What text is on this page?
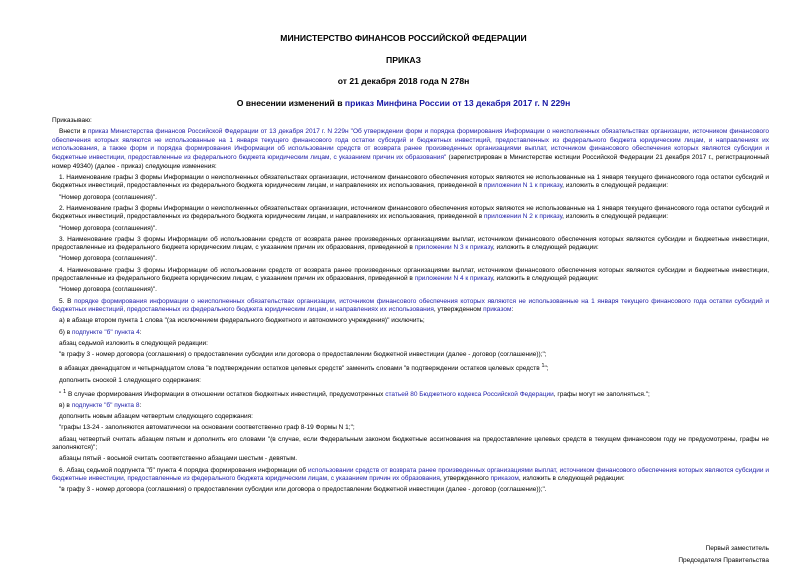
МИНИСТЕРСТВО ФИНАНСОВ РОССИЙСКОЙ ФЕДЕРАЦИИ
ПРИКАЗ
от 21 декабря 2018 года N 278н
О внесении изменений в приказ Минфина России от 13 декабря 2017 г. N 229н

Приказываю:

Внести в приказ Министерства финансов Российской Федерации от 13 декабря 2017 г. N 229н "Об утверждении форм и порядка формирования Информации о неисполненных обязательствах организации, источником финансового обеспечения которых являются не использованные на 1 января текущего финансового года остатки субсидий и бюджетных инвестиций, предоставленных из федерального бюджета юридическим лицам, и направлениях их использования, а также форм и порядка формирования Информации об использовании средств от возврата ранее произведенных организациями выплат, источником финансового обеспечения которых являются субсидии и бюджетные инвестиции, предоставленные из федерального бюджета юридическим лицам, с указанием причин их образования" (зарегистрирован в Министерстве юстиции Российской Федерации 21 декабря 2017 г., регистрационный номер 49340) (далее - приказ) следующие изменения:

1. Наименование графы 3 формы Информации о неисполненных обязательствах организации, источником финансового обеспечения которых являются не использованные на 1 января текущего финансового года остатки субсидий и бюджетных инвестиций, предоставленных из федерального бюджета юридическим лицам, и направлениях их использования, приведенной в приложении N 1 к приказу, изложить в следующей редакции:

"Номер договора (соглашения)".

2. Наименование графы 3 формы Информации о неисполненных обязательствах организации, источником финансового обеспечения которых являются не использованные на 1 января текущего финансового года остатки субсидий и бюджетных инвестиций, предоставленных из федерального бюджета юридическим лицам, и направлениях их использования, приведенной в приложении N 2 к приказу, изложить в следующей редакции:

"Номер договора (соглашения)".

3. Наименование графы 3 формы Информации об использовании средств от возврата ранее произведенных организациями выплат, источником финансового обеспечения которых являются субсидии и бюджетные инвестиции, предоставленные из федерального бюджета юридическим лицам, с указанием причин их образования, приведенной в приложении N 3 к приказу, изложить в следующей редакции:

"Номер договора (соглашения)".

4. Наименование графы 3 формы Информации об использовании средств от возврата ранее произведенных организациями выплат, источником финансового обеспечения которых являются субсидии и бюджетные инвестиции, предоставленные из федерального бюджета юридическим лицам, с указанием причин их образования, приведенной в приложении N 4 к приказу, изложить в следующей редакции:

"Номер договора (соглашения)".

5. В порядке формирования информации о неисполненных обязательствах организации, источником финансового обеспечения которых являются не использованные на 1 января текущего финансового года остатки субсидий и бюджетных инвестиций, предоставленных из федерального бюджета юридическим лицам, и направлениях их использования, утвержденном приказом:

а) в абзаце втором пункта 1 слова "(за исключением федерального бюджетного и автономного учреждения)" исключить;

б) в подпункте "б" пункта 4:

абзац седьмой изложить в следующей редакции:

"в графу 3 - номер договора (соглашения) о предоставлении субсидии или договора о предоставлении бюджетной инвестиции (далее - договор (соглашение));";

в абзацах двенадцатом и четырнадцатом слова "в подтверждении остатков целевых средств" заменить словами "в подтверждении остатков целевых средств $^1$";

дополнить сноской 1 следующего содержания:

" $^1$ В случае формирования Информации в отношении остатков бюджетных инвестиций, предусмотренных статьей 80 Бюджетного кодекса Российской Федерации, графы могут не заполняться.";

в) в подпункте "б" пункта 8:

дополнить новым абзацем четвертым следующего содержания:

"графы 13-24 - заполняются автоматически на основании соответственно граф 8-19 Формы N 1;";

абзац четвертый считать абзацем пятым и дополнить его словами "(в случае, если Федеральным законом бюджетные ассигнования на предоставление целевых средств в текущем финансовом году не предусмотрены, графы не заполняются)";

абзацы пятый - восьмой считать соответственно абзацами шестым - девятым.

6. Абзац седьмой подпункта "б" пункта 4 порядка формирования информации об использовании средств от возврата ранее произведенных организациями выплат, источником финансового обеспечения которых являются субсидии и бюджетные инвестиции, предоставленные из федерального бюджета юридическим лицам, с указанием причин их образования, утвержденного приказом, изложить в следующей редакции:

"в графу 3 - номер договора (соглашения) о предоставлении субсидии или договора о предоставлении бюджетной инвестиции (далее - договор (соглашение));".

Первый заместитель
Председателя Правительства
